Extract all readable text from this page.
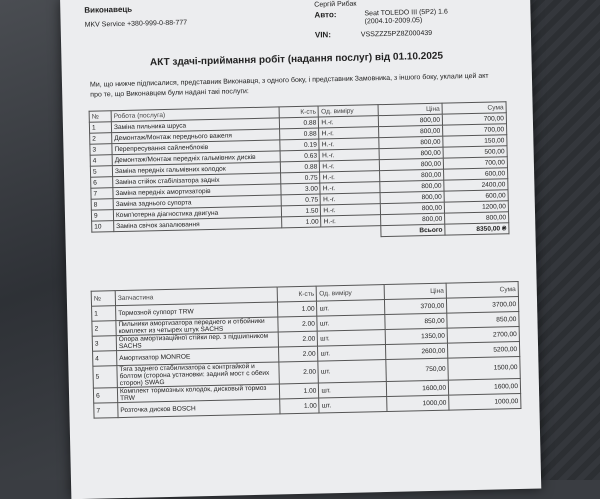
Виконавець
MKV Service +380-999-0-88-777
Сергій Рибак
Авто:	Seat TOLEDO III (5P2) 1.6 (2004.10-2009.05)
VIN:	VSSZZZ5PZ8Z000439
АКТ здачі-приймання робіт (надання послуг) від 01.10.2025
Ми, що нижче підписалися, представник Виконавця, з одного боку, і представник Замовника, з іншого боку, уклали цей акт про те, що Виконавцем були надані такі послуги:
№	Робота (послуга)	К-сть	Од. виміру	Ціна	Сума
1	Заміна пильника шруса	0.88	Н.-г.	800,00	700,00
2	Демонтаж/Монтаж переднього важеля	0.88	Н.-г.	800,00	700,00
3	Перепресування сайленблоків	0.19	Н.-г.	800,00	150,00
4	Демонтаж/Монтаж передніх гальмівних дисків	0.63	Н.-г.	800,00	500,00
5	Заміна передніх гальмівних колодок	0.88	Н.-г.	800,00	700,00
6	Заміна стійок стабілізатора задніх	0.75	Н.-г.	800,00	600,00
7	Заміна передніх амортизаторів	3.00	Н.-г.	800,00	2400,00
8	Заміна заднього супорта	0.75	Н.-г.	800,00	600,00
9	Комп'ютерна діагностика двигуна	1.50	Н.-г.	800,00	1200,00
10	Заміна свічок запалювання	1.00	Н.-г.	800,00	800,00
				Всього	8350,00 ₴
№	Запчастина	К-сть	Од. виміру	Ціна	Сума
1	Тормозной суппорт TRW	1.00	шт.	3700,00	3700,00
2	Пильники амортизатора переднего и отбойники комплект из четырех штук SACHS	2.00	шт.	850,00	850,00
3	Опора амортизаційної стійки пер. з підшипником SACHS	2.00	шт.	1350,00	2700,00
4	Амортизатор MONROE	2.00	шт.	2600,00	5200,00
5	Тяга заднего стабилизатора с контргайкой и болтом (сторона установки: задний мост с обеих сторон) SWAG	2.00	шт.	750,00	1500,00
6	Комплект тормозных колодок, дисковый тормоз TRW	1.00	шт.	1600,00	1600,00
7	Розточка дисков BOSCH	1.00	шт.	1000,00	1000,00
